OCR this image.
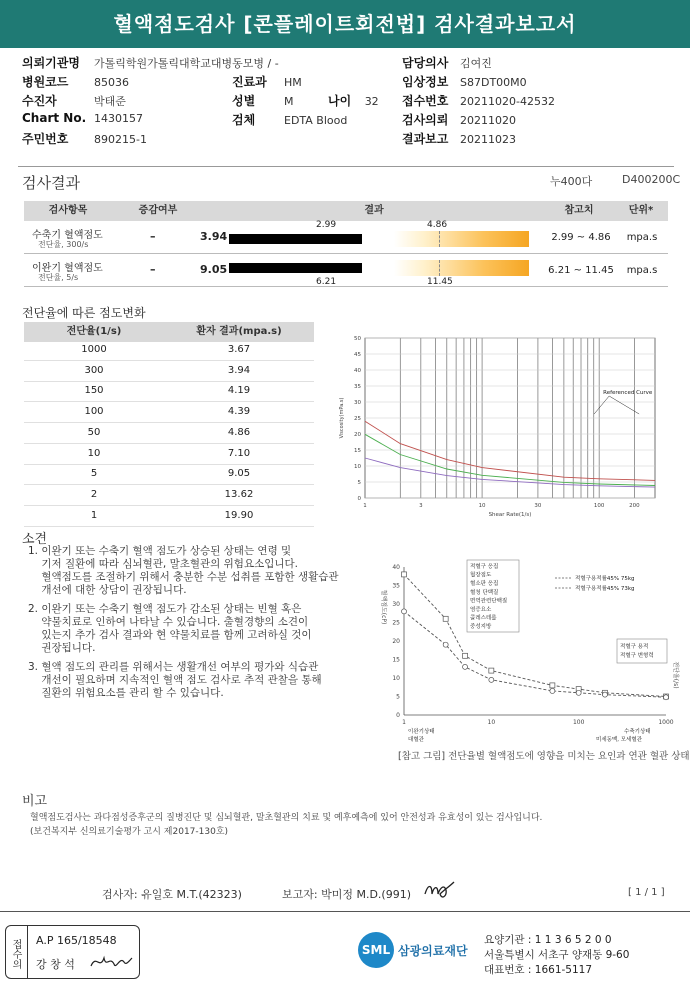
혈액점도검사 [콘플레이트회전법] 검사결과보고서
의뢰기관명 가톨릭학원가톨릭대학교대병동모병 / -
병원코드 85036
수진자	박태준
Chart No. 1430157
주민번호 890215-1
진료과 HM
성별	M
검체	EDTA Blood
나이 32
담당의사 김여진
임상정보 S87DT00M0
접수번호 20211020-42532
검사의뢰 20211020
결과보고 20211023
검사결과	누400다	D400200C
검사항목	증감여부	결과	참고치	단위*
수축기 혈액점도
전단율, 300/s
–	3.94
2.99	4.86
2.99 ~ 4.86	mpa.s
이완기 혈액점도
전단율, 5/s
–	9.05
6.21	11.45
6.21 ~ 11.45	mpa.s
전단율에 따른 점도변화
전단율(1/s)	환자 결과(mpa.s)
1000	3.67
300	3.94
150	4.19
100	4.39
50	4.86
10	7.10
5	9.05
2	13.62
1	19.90
0
5
10
15
20
25
30
35
40
45
50
1	3	10	30	100	200
Shear Rate(1/s)
Viscosity(mPa.s)
Referenced Curve
소견
1. 이완기 또는 수축기 혈액 점도가 상승된 상태는 연령 및
기저 질환에 따라 심뇌혈관, 말초혈관의 위험요소입니다.
혈액점도를 조절하기 위해서 충분한 수분 섭취를 포함한 생활습관
개선에 대한 상담이 권장됩니다.
2. 이완기 또는 수축기 혈액 점도가 감소된 상태는 빈혈 혹은
약물치료로 인하여 나타날 수 있습니다. 출혈경향의 소견이
있는지 추가 검사 결과와 현 약물치료를 함께 고려하실 것이
권장됩니다.
3. 혈액 점도의 관리를 위해서는 생활개선 여부의 평가와 식습관
개선이 필요하며 지속적인 혈액 점도 검사로 추적 관찰을 통해
질환의 위험요소를 관리 할 수 있습니다.
0
5
10
15
20
25
30
35
40
1	10	100	1000
혈액점도(cP)
전단율(/s)
적혈구 응집
혈장점도
혈소판 응집
혈청 단백질
면역관련단백질
염증요소
콜레스테롤
중성지방
적혈구 용적
적혈구 변형력
적혈구용적률45% 75kg
적혈구용적률45% 73kg
이완기상태
대혈관
수축기상태
미세동맥, 모세혈관
[참고 그림] 전단율별 혈액점도에 영향을 미치는 요인과 연관 혈관 상태
비고
혈액점도검사는 과다점성증후군의 질병진단 및 심뇌혈관, 말초혈관의 치료 및 예후예측에 있어 안전성과 유효성이 있는 검사입니다.
(보건복지부 신의료기술평가 고시 제2017-130호)
검사자: 유일호 M.T.(42323)	보고자: 박미정 M.D.(991)	[ 1 / 1 ]
접수의	A.P 165/18548
강 창 석
SML 삼광의료재단
요양기관 : 1 1 3 6 5 2 0 0
서울특별시 서초구 양재동 9-60
대표번호 : 1661-5117
